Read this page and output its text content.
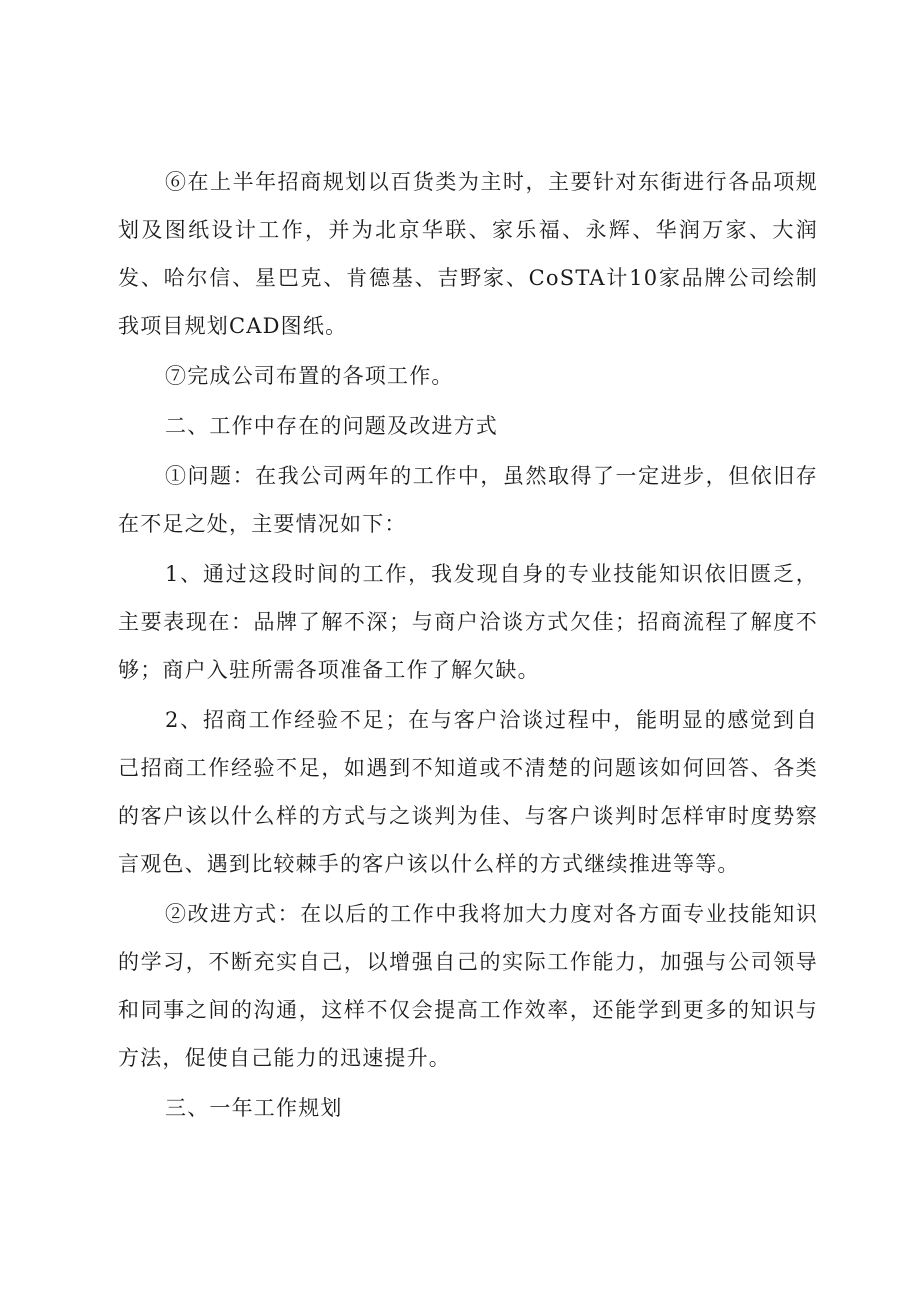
⑥在上半年招商规划以百货类为主时，主要针对东街进行各品项规划及图纸设计工作，并为北京华联、家乐福、永辉、华润万家、大润发、哈尔信、星巴克、肯德基、吉野家、CoSTA计10家品牌公司绘制我项目规划CAD图纸。

⑦完成公司布置的各项工作。

二、工作中存在的问题及改进方式

①问题：在我公司两年的工作中，虽然取得了一定进步，但依旧存在不足之处，主要情况如下：

1、通过这段时间的工作，我发现自身的专业技能知识依旧匮乏，主要表现在：品牌了解不深；与商户洽谈方式欠佳；招商流程了解度不够；商户入驻所需各项准备工作了解欠缺。

2、招商工作经验不足；在与客户洽谈过程中，能明显的感觉到自己招商工作经验不足，如遇到不知道或不清楚的问题该如何回答、各类的客户该以什么样的方式与之谈判为佳、与客户谈判时怎样审时度势察言观色、遇到比较棘手的客户该以什么样的方式继续推进等等。

②改进方式：在以后的工作中我将加大力度对各方面专业技能知识的学习，不断充实自己，以增强自己的实际工作能力，加强与公司领导和同事之间的沟通，这样不仅会提高工作效率，还能学到更多的知识与方法，促使自己能力的迅速提升。

三、一年工作规划
